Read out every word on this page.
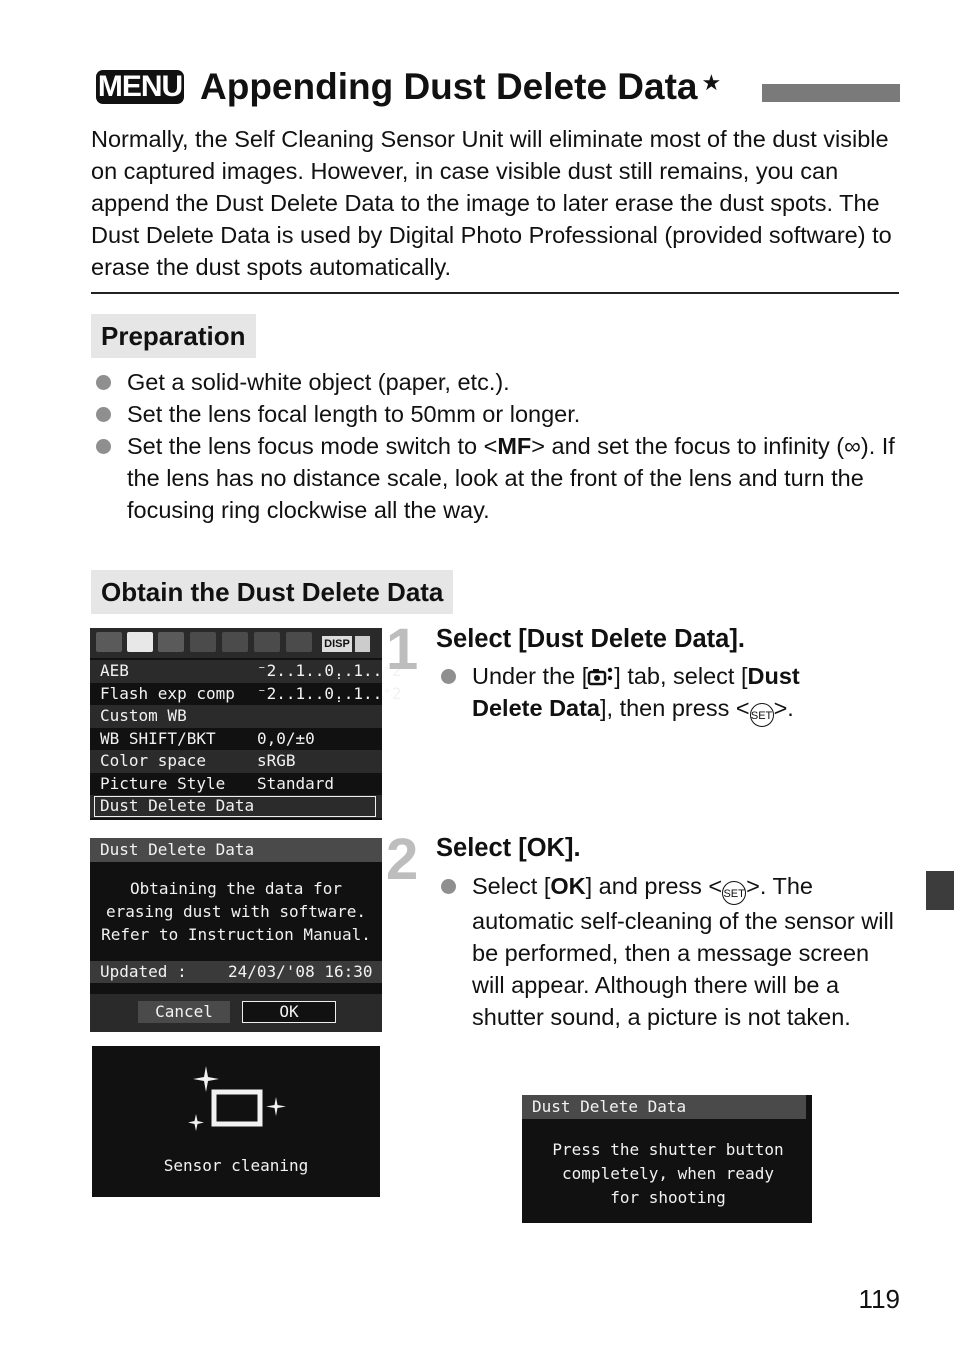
MENU Appending Dust Delete Data ★
Normally, the Self Cleaning Sensor Unit will eliminate most of the dust visible on captured images. However, in case visible dust still remains, you can append the Dust Delete Data to the image to later erase the dust spots. The Dust Delete Data is used by Digital Photo Professional (provided software) to erase the dust spots automatically.
Preparation
Get a solid-white object (paper, etc.).
Set the lens focal length to 50mm or longer.
Set the lens focus mode switch to <MF> and set the focus to infinity (∞). If the lens has no distance scale, look at the front of the lens and turn the focusing ring clockwise all the way.
Obtain the Dust Delete Data
DISP
AEB	⁻2..1..0̣..1..⁺2
Flash exp comp ⁻2..1..0̣..1..⁺2
Custom WB
WB SHIFT/BKT	0,0/±0
Color space	sRGB
Picture Style Standard
Dust Delete Data
Dust Delete Data
Obtaining the data for
erasing dust with software.
Refer to Instruction Manual.
Updated :	24/03/'08 16:30
Cancel	OK
Sensor cleaning
Dust Delete Data
Press the shutter button
completely, when ready
for shooting
1 Select [Dust Delete Data].
Under the [ ] tab, select [Dust Delete Data], then press <SET>.
2 Select [OK].
Select [OK] and press <SET>. The automatic self-cleaning of the sensor will be performed, then a message screen will appear. Although there will be a shutter sound, a picture is not taken.
119
